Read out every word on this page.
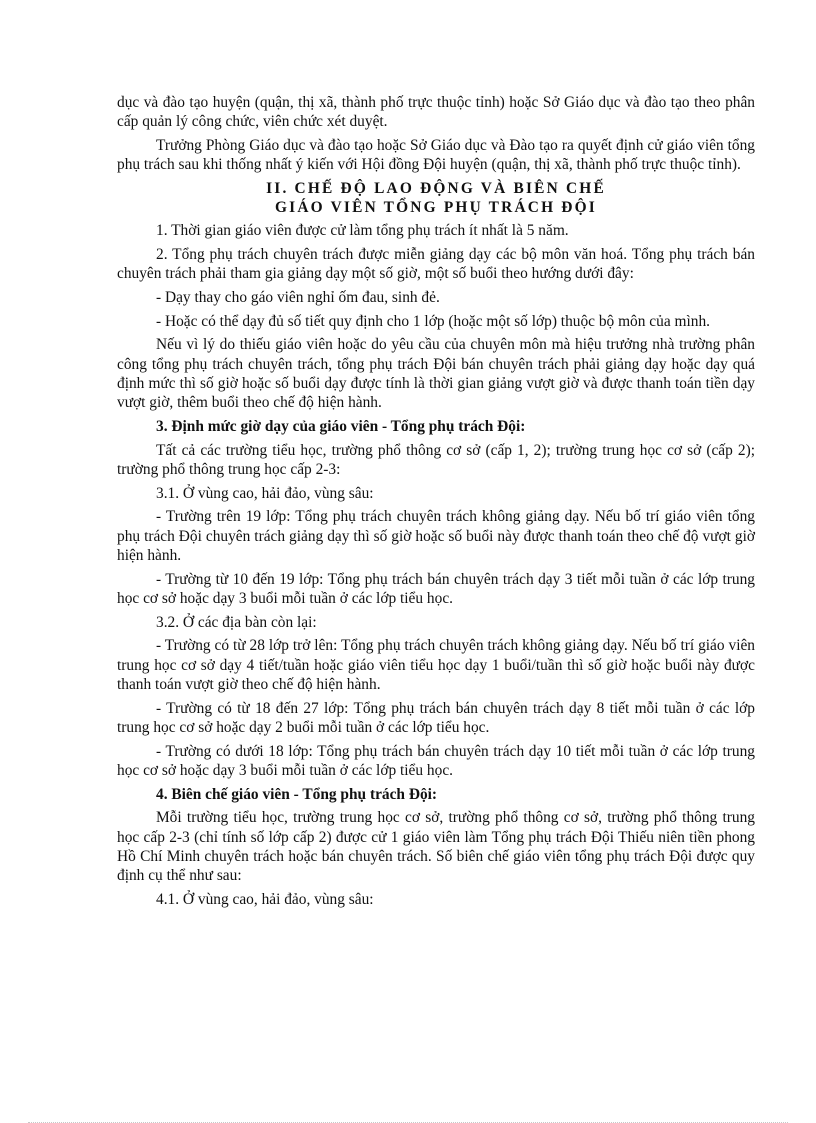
dục và đào tạo huyện (quận, thị xã, thành phố trực thuộc tỉnh) hoặc Sở Giáo dục và đào tạo theo phân cấp quản lý công chức, viên chức xét duyệt.

Trưởng Phòng Giáo dục và đào tạo hoặc Sở Giáo dục và Đào tạo ra quyết định cử giáo viên tổng phụ trách sau khi thống nhất ý kiến với Hội đồng Đội huyện (quận, thị xã, thành phố trực thuộc tỉnh).

II. CHẾ ĐỘ LAO ĐỘNG VÀ BIÊN CHẾ
GIÁO VIÊN TỔNG PHỤ TRÁCH ĐỘI

1. Thời gian giáo viên được cử làm tổng phụ trách ít nhất là 5 năm.

2. Tổng phụ trách chuyên trách được miễn giảng dạy các bộ môn văn hoá. Tổng phụ trách bán chuyên trách phải tham gia giảng dạy một số giờ, một số buổi theo hướng dưới đây:

- Dạy thay cho gáo viên nghỉ ốm đau, sinh đẻ.

- Hoặc có thể dạy đủ số tiết quy định cho 1 lớp (hoặc một số lớp) thuộc bộ môn của mình.

Nếu vì lý do thiếu giáo viên hoặc do yêu cầu của chuyên môn mà hiệu trưởng nhà trường phân công tổng phụ trách chuyên trách, tổng phụ trách Đội bán chuyên trách phải giảng dạy hoặc dạy quá định mức thì số giờ hoặc số buổi dạy được tính là thời gian giảng vượt giờ và được thanh toán tiền dạy vượt giờ, thêm buổi theo chế độ hiện hành.

3. Định mức giờ dạy của giáo viên - Tổng phụ trách Đội:

Tất cả các trường tiểu học, trường phổ thông cơ sở (cấp 1, 2); trường trung học cơ sở (cấp 2); trường phổ thông trung học cấp 2-3:

3.1. Ở vùng cao, hải đảo, vùng sâu:

- Trường trên 19 lớp: Tổng phụ trách chuyên trách không giảng dạy. Nếu bố trí giáo viên tổng phụ trách Đội chuyên trách giảng dạy thì số giờ hoặc số buổi này được thanh toán theo chế độ vượt giờ hiện hành.

- Trường từ 10 đến 19 lớp: Tổng phụ trách bán chuyên trách dạy 3 tiết mỗi tuần ở các lớp trung học cơ sở hoặc dạy 3 buổi mỗi tuần ở các lớp tiểu học.

3.2. Ở các địa bàn còn lại:

- Trường có từ 28 lớp trở lên: Tổng phụ trách chuyên trách không giảng dạy. Nếu bố trí giáo viên trung học cơ sở dạy 4 tiết/tuần hoặc giáo viên tiểu học dạy 1 buổi/tuần thì số giờ hoặc buổi này được thanh toán vượt giờ theo chế độ hiện hành.

- Trường có từ 18 đến 27 lớp: Tổng phụ trách bán chuyên trách dạy 8 tiết mỗi tuần ở các lớp trung học cơ sở hoặc dạy 2 buổi mỗi tuần ở các lớp tiểu học.

- Trường có dưới 18 lớp: Tổng phụ trách bán chuyên trách dạy 10 tiết mỗi tuần ở các lớp trung học cơ sở hoặc dạy 3 buổi mỗi tuần ở các lớp tiểu học.

4. Biên chế giáo viên - Tổng phụ trách Đội:

Mỗi trường tiểu học, trường trung học cơ sở, trường phổ thông cơ sở, trường phổ thông trung học cấp 2-3 (chỉ tính số lớp cấp 2) được cử 1 giáo viên làm Tổng phụ trách Đội Thiếu niên tiền phong Hồ Chí Minh chuyên trách hoặc bán chuyên trách. Số biên chế giáo viên tổng phụ trách Đội được quy định cụ thể như sau:

4.1. Ở vùng cao, hải đảo, vùng sâu:
